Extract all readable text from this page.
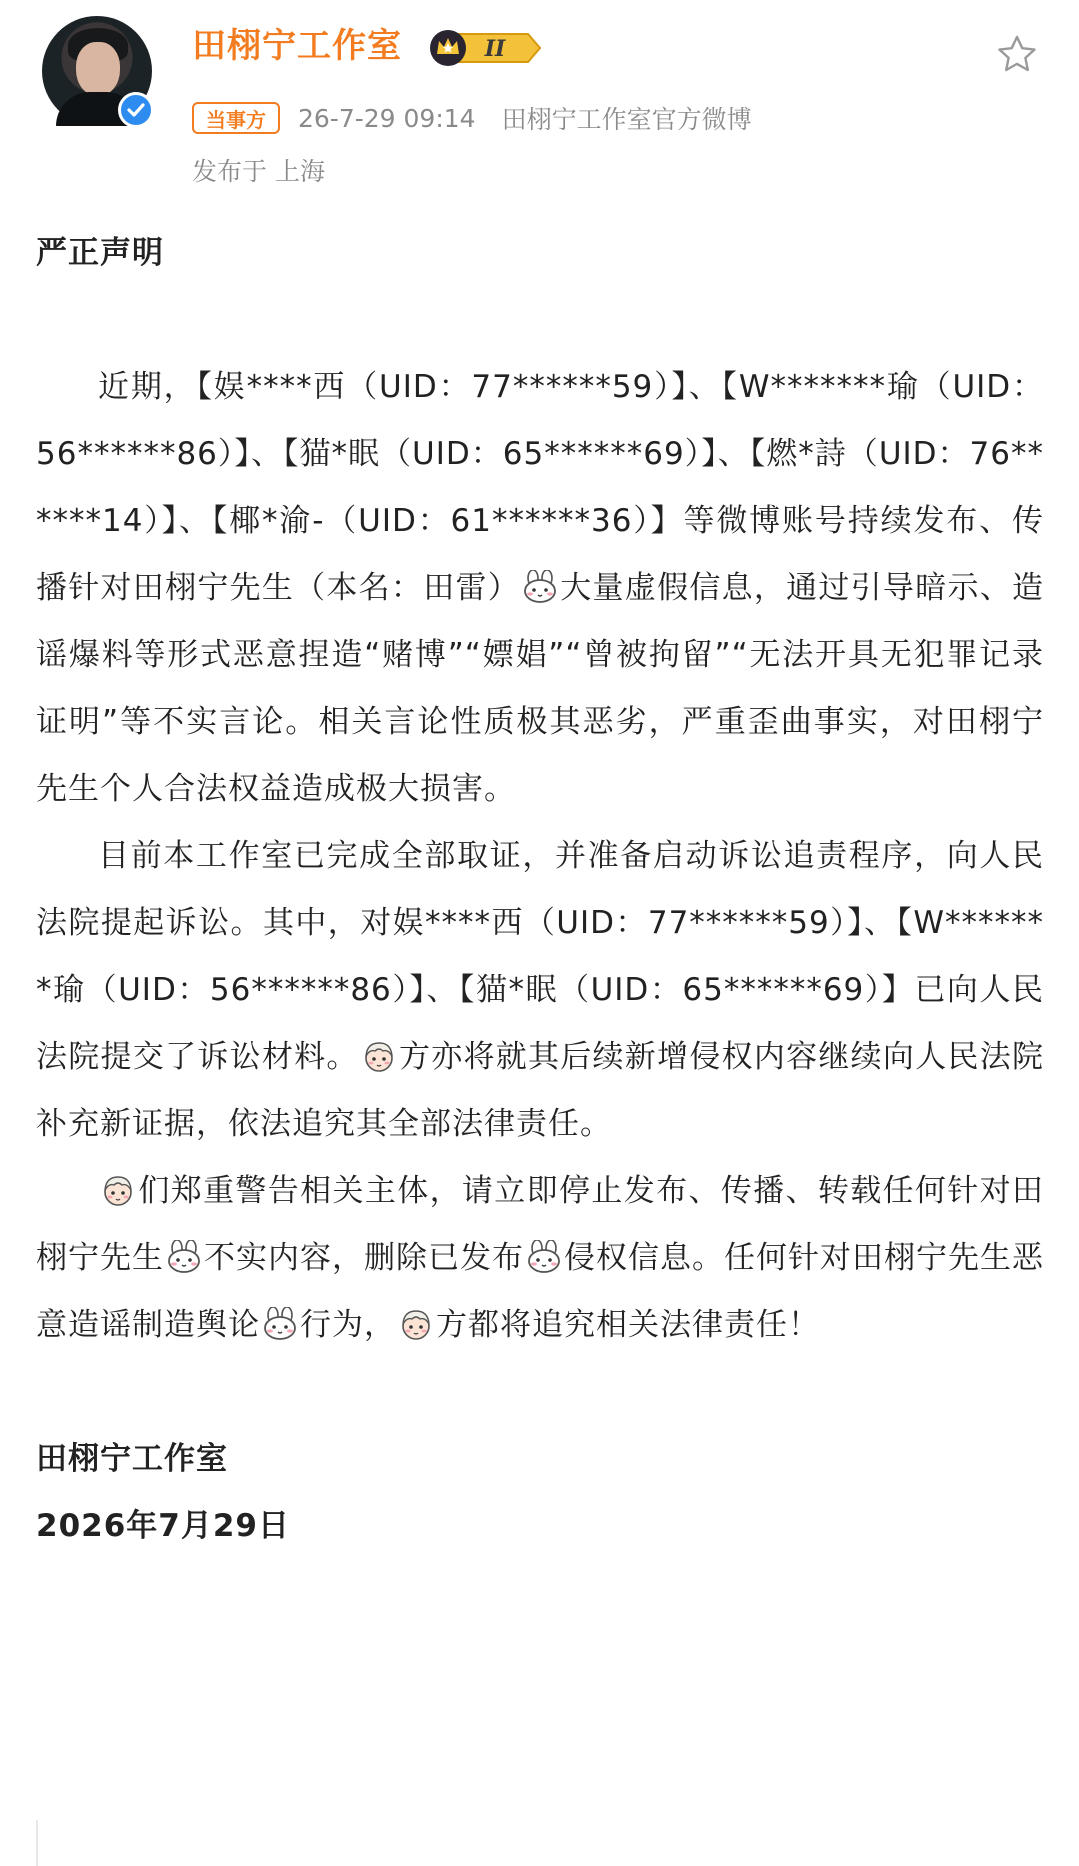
田栩宁工作室	II
当事方	26-7-29 09:14 田栩宁工作室官方微博
发布于 上海

严正声明

近期，【娱****西（UID：77******59）】、【W*******瑜（UID：56******86）】、【猫*眠（UID：65******69）】、【燃*詩（UID：76******14）】、【椰*渝-（UID：61******36）】等微博账号持续发布、传播针对田栩宁先生（本名：田雷） 大量虚假信息，通过引导暗示、造谣爆料等形式恶意捏造“赌博”“嫖娼”“曾被拘留”“无法开具无犯罪记录证明”等不实言论。相关言论性质极其恶劣，严重歪曲事实，对田栩宁先生个人合法权益造成极大损害。

目前本工作室已完成全部取证，并准备启动诉讼追责程序，向人民法院提起诉讼。其中，对娱****西（UID：77******59）】、【W*******瑜（UID：56******86）】、【猫*眠（UID：65******69）】已向人民法院提交了诉讼材料。 方亦将就其后续新增侵权内容继续向人民法院补充新证据，依法追究其全部法律责任。

们郑重警告相关主体，请立即停止发布、传播、转载任何针对田栩宁先生 不实内容，删除已发布 侵权信息。任何针对田栩宁先生恶意造谣制造舆论 行为， 方都将追究相关法律责任！

田栩宁工作室

2026年7月29日
